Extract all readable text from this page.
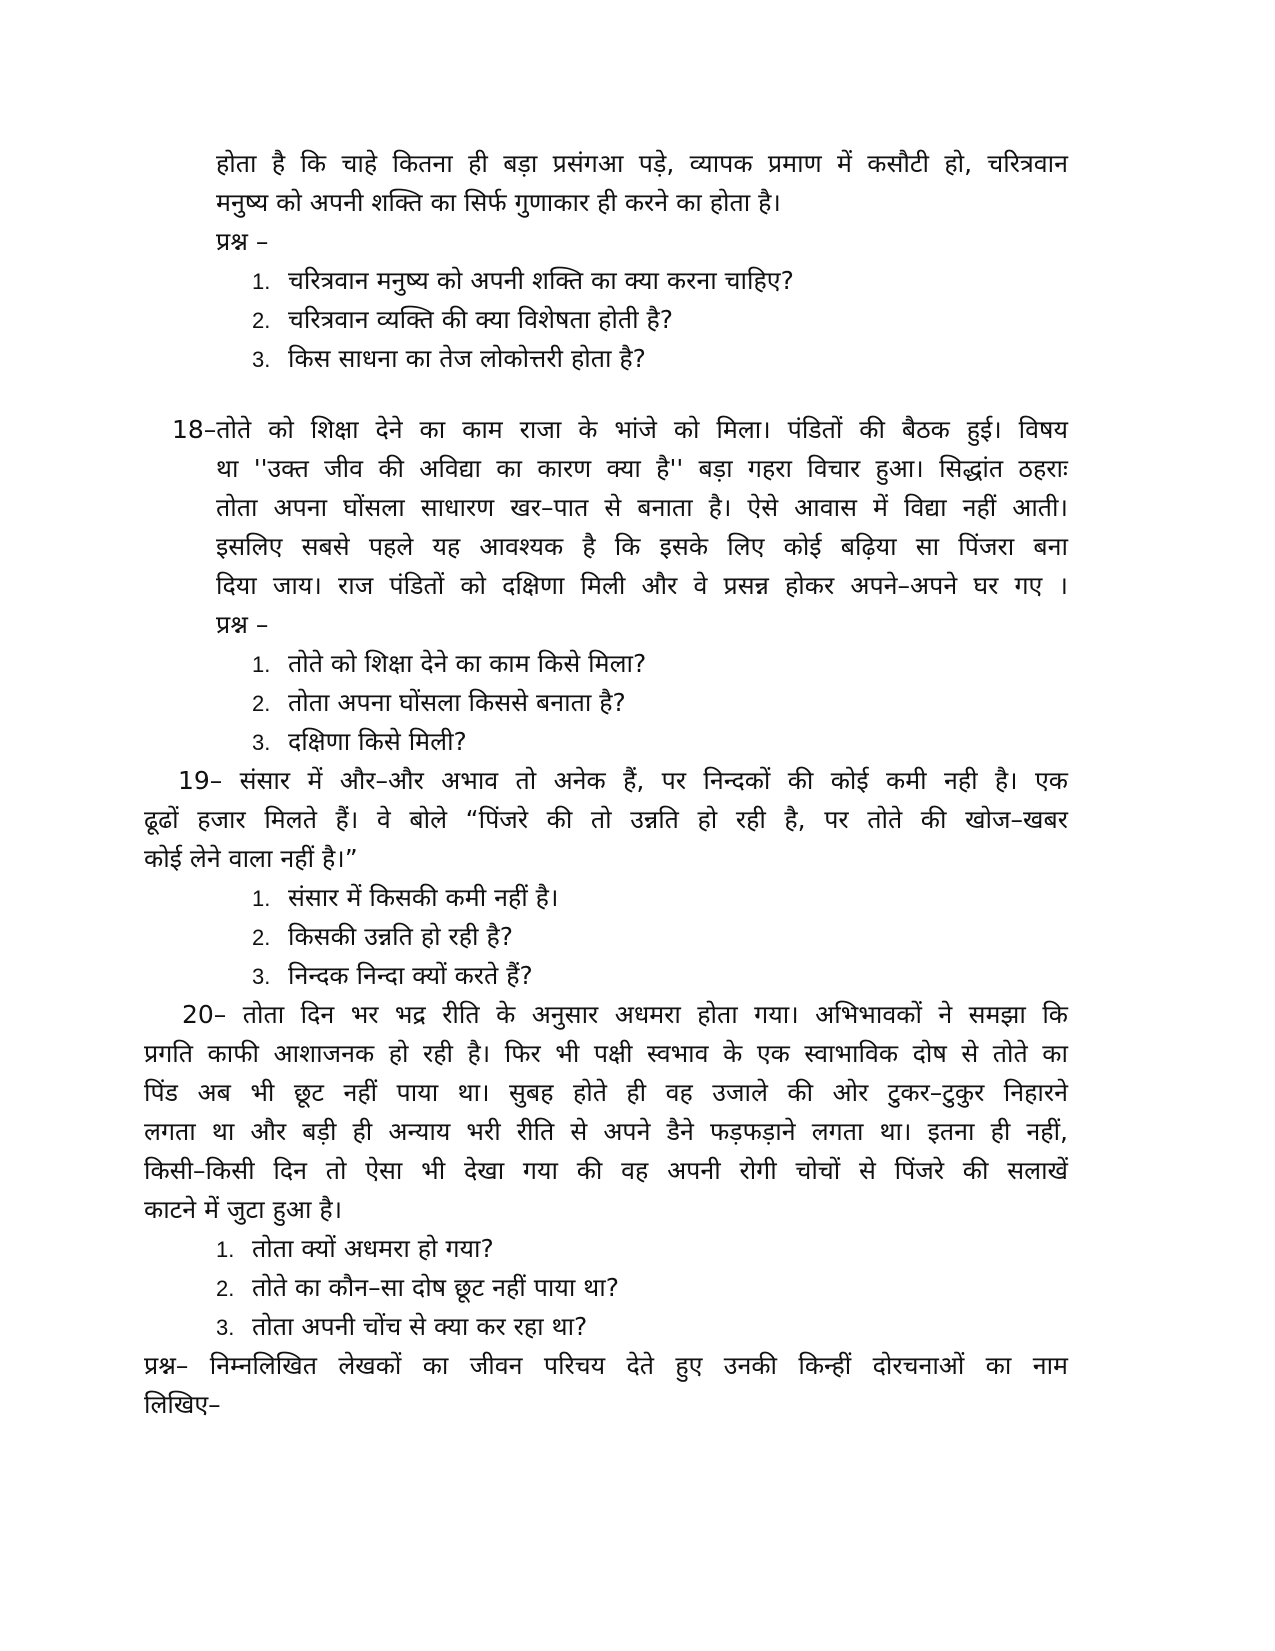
होता है कि चाहे कितना ही बड़ा प्रसंगआ पड़े, व्यापक प्रमाण में कसौटी हो, चरित्रवान
मनुष्य को अपनी शक्ति का सिर्फ गुणाकार ही करने का होता है।
प्रश्न –
1. चरित्रवान मनुष्य को अपनी शक्ति का क्या करना चाहिए?
2. चरित्रवान व्यक्ति की क्या विशेषता होती है?
3. किस साधना का तेज लोकोत्तरी होता है?
18–तोते को शिक्षा देने का काम राजा के भांजे को मिला। पंडितों की बैठक हुई। विषय
था ''उक्त जीव की अविद्या का कारण क्या है'' बड़ा गहरा विचार हुआ। सिद्धांत ठहराः
तोता अपना घोंसला साधारण खर–पात से बनाता है। ऐसे आवास में विद्या नहीं आती।
इसलिए सबसे पहले यह आवश्यक है कि इसके लिए कोई बढ़िया सा पिंजरा बना
दिया जाय। राज पंडितों को दक्षिणा मिली और वे प्रसन्न होकर अपने–अपने घर गए ।
प्रश्न –
1. तोते को शिक्षा देने का काम किसे मिला?
2. तोता अपना घोंसला किससे बनाता है?
3. दक्षिणा किसे मिली?
19– संसार में और–और अभाव तो अनेक हैं, पर निन्दकों की कोई कमी नही है। एक
ढूढों हजार मिलते हैं। वे बोले “पिंजरे की तो उन्नति हो रही है, पर तोते की खोज–खबर
कोई लेने वाला नहीं है।”
1. संसार में किसकी कमी नहीं है।
2. किसकी उन्नति हो रही है?
3. निन्दक निन्दा क्यों करते हैं?
20– तोता दिन भर भद्र रीति के अनुसार अधमरा होता गया। अभिभावकों ने समझा कि
प्रगति काफी आशाजनक हो रही है। फिर भी पक्षी स्वभाव के एक स्वाभाविक दोष से तोते का
पिंड अब भी छूट नहीं पाया था। सुबह होते ही वह उजाले की ओर टुकर–टुकुर निहारने
लगता था और बड़ी ही अन्याय भरी रीति से अपने डैने फड़फड़ाने लगता था। इतना ही नहीं,
किसी–किसी दिन तो ऐसा भी देखा गया की वह अपनी रोगी चोचों से पिंजरे की सलाखें
काटने में जुटा हुआ है।
1. तोता क्यों अधमरा हो गया?
2. तोते का कौन–सा दोष छूट नहीं पाया था?
3. तोता अपनी चोंच से क्या कर रहा था?
प्रश्न– निम्नलिखित लेखकों का जीवन परिचय देते हुए उनकी किन्हीं दोरचनाओं का नाम
लिखिए–
